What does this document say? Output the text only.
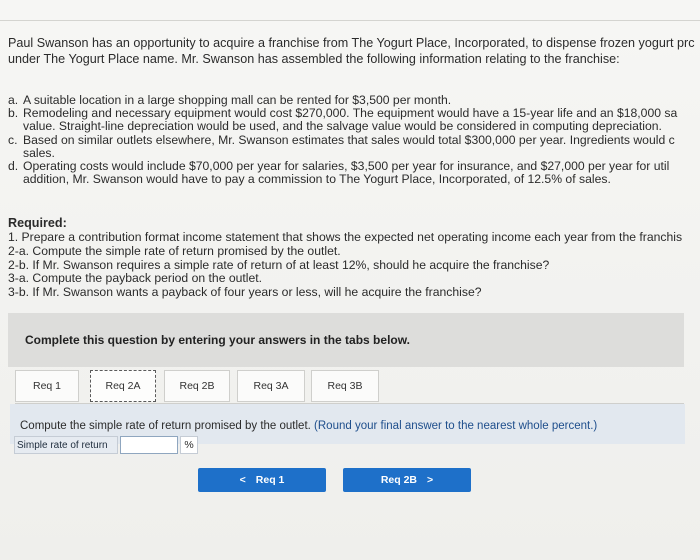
Paul Swanson has an opportunity to acquire a franchise from The Yogurt Place, Incorporated, to dispense frozen yogurt prc
under The Yogurt Place name. Mr. Swanson has assembled the following information relating to the franchise:
a. A suitable location in a large shopping mall can be rented for $3,500 per month.
b. Remodeling and necessary equipment would cost $270,000. The equipment would have a 15-year life and an $18,000 sa
value. Straight-line depreciation would be used, and the salvage value would be considered in computing depreciation.
c. Based on similar outlets elsewhere, Mr. Swanson estimates that sales would total $300,000 per year. Ingredients would c
sales.
d. Operating costs would include $70,000 per year for salaries, $3,500 per year for insurance, and $27,000 per year for util
addition, Mr. Swanson would have to pay a commission to The Yogurt Place, Incorporated, of 12.5% of sales.
Required:
1. Prepare a contribution format income statement that shows the expected net operating income each year from the franchis
2-a. Compute the simple rate of return promised by the outlet.
2-b. If Mr. Swanson requires a simple rate of return of at least 12%, should he acquire the franchise?
3-a. Compute the payback period on the outlet.
3-b. If Mr. Swanson wants a payback of four years or less, will he acquire the franchise?
Complete this question by entering your answers in the tabs below.
Req 1	Req 2A	Req 2B	Req 3A	Req 3B
Compute the simple rate of return promised by the outlet. (Round your final answer to the nearest whole percent.)
Simple rate of return	%
< Req 1	Req 2B >
